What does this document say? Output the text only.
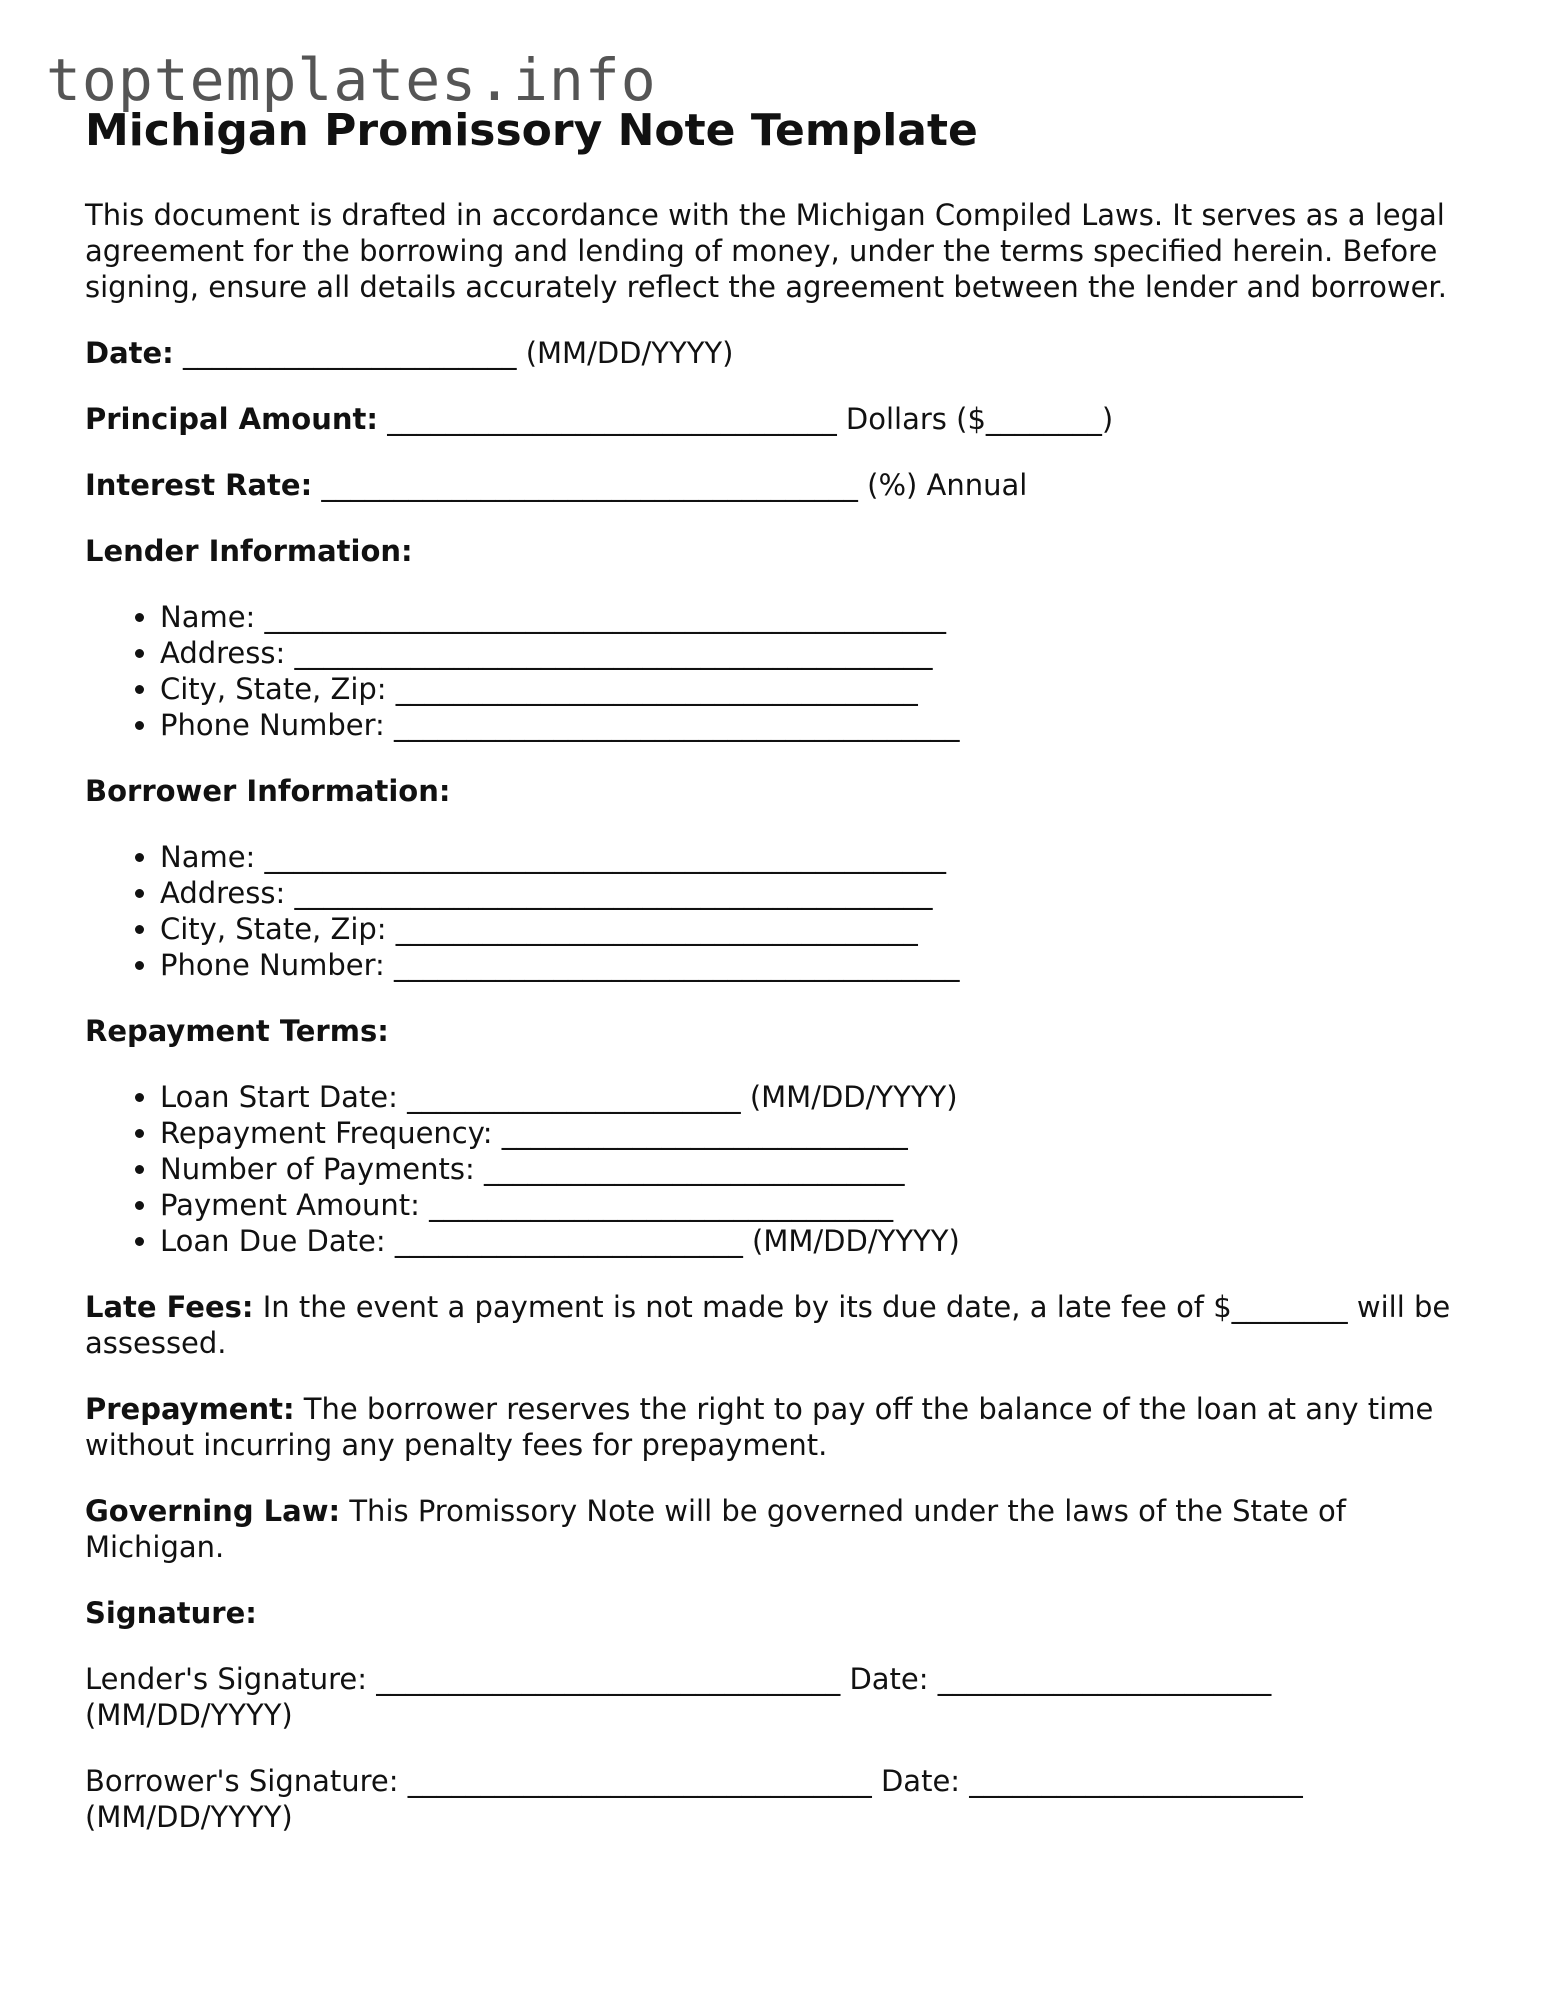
toptemplates.info
Michigan Promissory Note Template

This document is drafted in accordance with the Michigan Compiled Laws. It serves as a legal agreement for the borrowing and lending of money, under the terms specified herein. Before signing, ensure all details accurately reflect the agreement between the lender and borrower.

Date: _______________________ (MM/DD/YYYY)

Principal Amount: _______________________________ Dollars ($________)

Interest Rate: _____________________________________ (%) Annual

Lender Information:

• Name: _______________________________________________
• Address: ____________________________________________
• City, State, Zip: ____________________________________
• Phone Number: _______________________________________

Borrower Information:

• Name: _______________________________________________
• Address: ____________________________________________
• City, State, Zip: ____________________________________
• Phone Number: _______________________________________

Repayment Terms:

• Loan Start Date: _______________________ (MM/DD/YYYY)
• Repayment Frequency: ____________________________
• Number of Payments: _____________________________
• Payment Amount: ________________________________
• Loan Due Date: ________________________ (MM/DD/YYYY)

Late Fees: In the event a payment is not made by its due date, a late fee of $________ will be assessed.

Prepayment: The borrower reserves the right to pay off the balance of the loan at any time without incurring any penalty fees for prepayment.

Governing Law: This Promissory Note will be governed under the laws of the State of Michigan.

Signature:

Lender's Signature: ________________________________ Date: _______________________ (MM/DD/YYYY)

Borrower's Signature: ________________________________ Date: _______________________ (MM/DD/YYYY)
